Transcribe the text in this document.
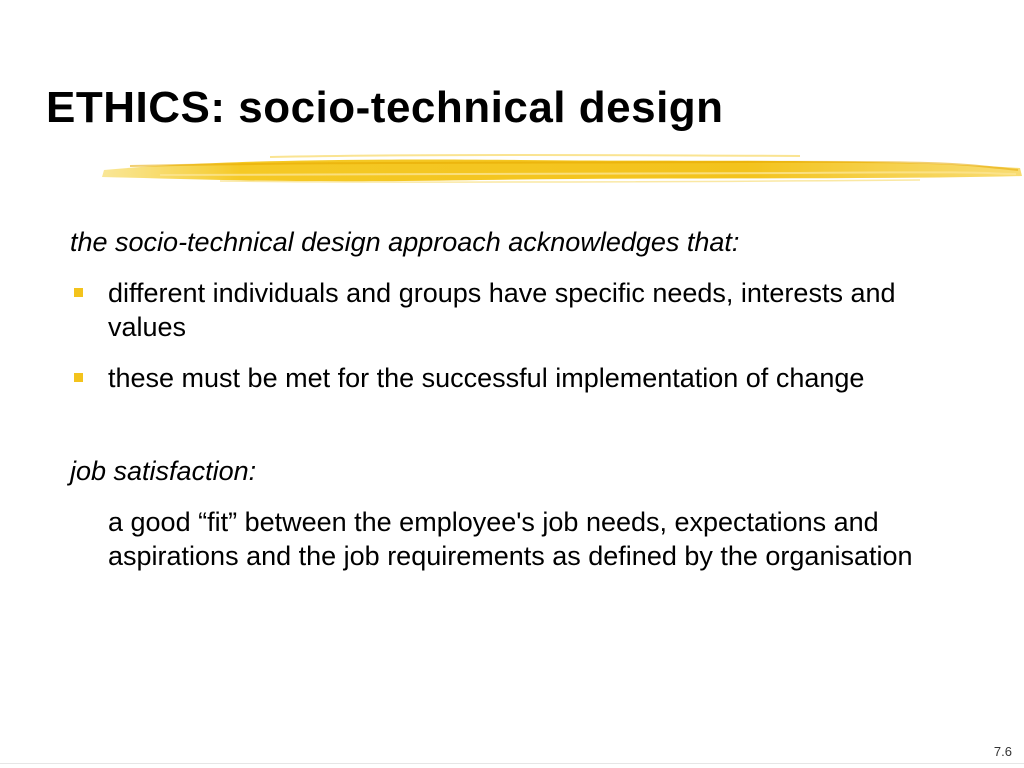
ETHICS: socio-technical design

the socio-technical design approach acknowledges that:

different individuals and groups have specific needs, interests and values
these must be met for the successful implementation of change

job satisfaction:

a good “fit” between the employee's job needs, expectations and aspirations and the job requirements as defined by the organisation

7.6
